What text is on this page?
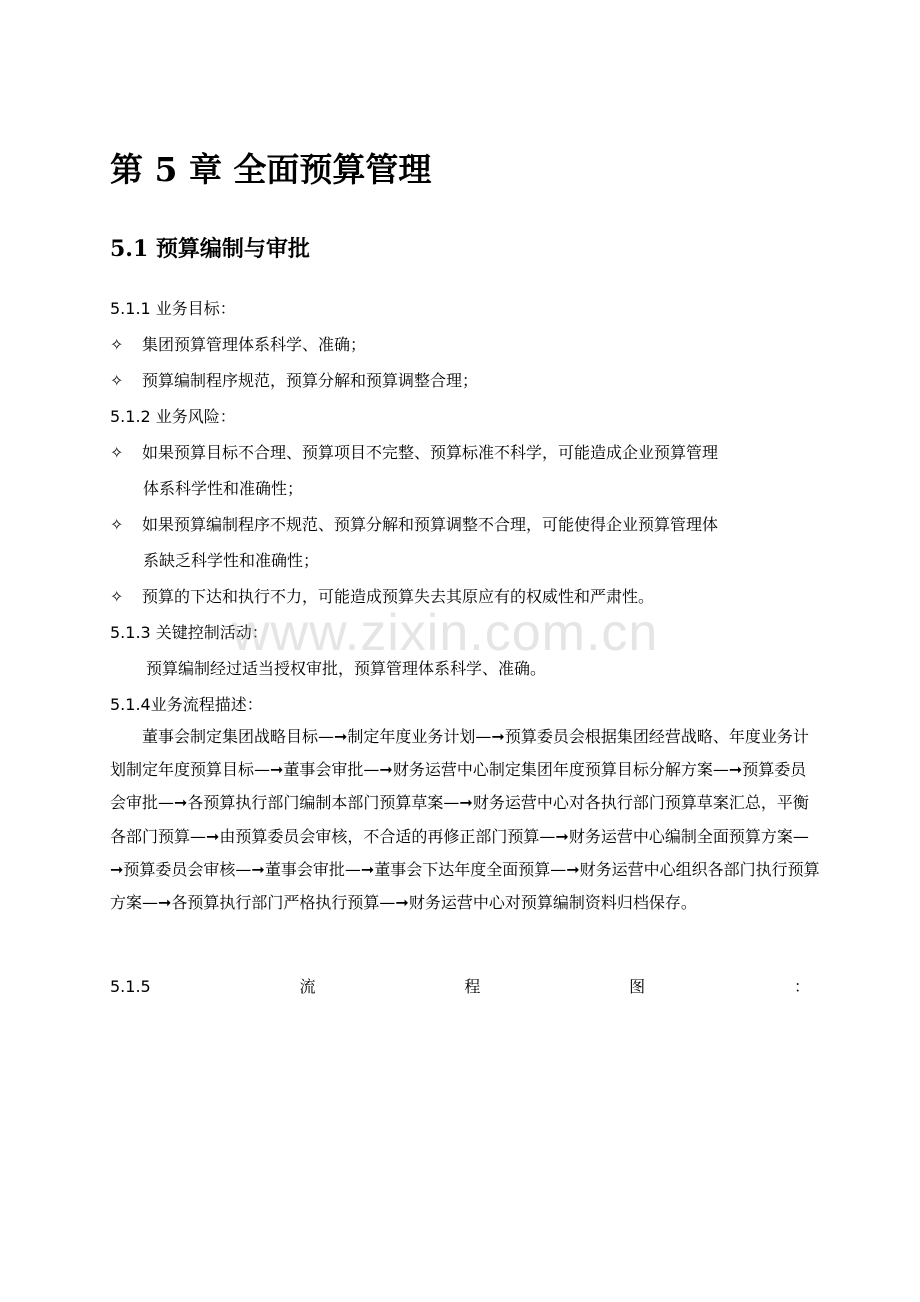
第 5 章 全面预算管理
5.1 预算编制与审批
5.1.1 业务目标：
✧ 集团预算管理体系科学、准确；
✧ 预算编制程序规范，预算分解和预算调整合理；
5.1.2 业务风险：
✧ 如果预算目标不合理、预算项目不完整、预算标准不科学，可能造成企业预算管理
体系科学性和准确性；
✧ 如果预算编制程序不规范、预算分解和预算调整不合理，可能使得企业预算管理体
系缺乏科学性和准确性；
✧ 预算的下达和执行不力，可能造成预算失去其原应有的权威性和严肃性。
5.1.3 关键控制活动：
预算编制经过适当授权审批，预算管理体系科学、准确。
5.1.4业务流程描述：
董事会制定集团战略目标—➞制定年度业务计划—➞预算委员会根据集团经营战略、年度业务计划制定年度预算目标—➞董事会审批—➞财务运营中心制定集团年度预算目标分解方案—➞预算委员会审批—➞各预算执行部门编制本部门预算草案—➞财务运营中心对各执行部门预算草案汇总，平衡各部门预算—➞由预算委员会审核，不合适的再修正部门预算—➞财务运营中心编制全面预算方案—➞预算委员会审核—➞董事会审批—➞董事会下达年度全面预算—➞财务运营中心组织各部门执行预算方案—➞各预算执行部门严格执行预算—➞财务运营中心对预算编制资料归档保存。
5.1.5	流	程	图	：
www.zixin.com.cn
